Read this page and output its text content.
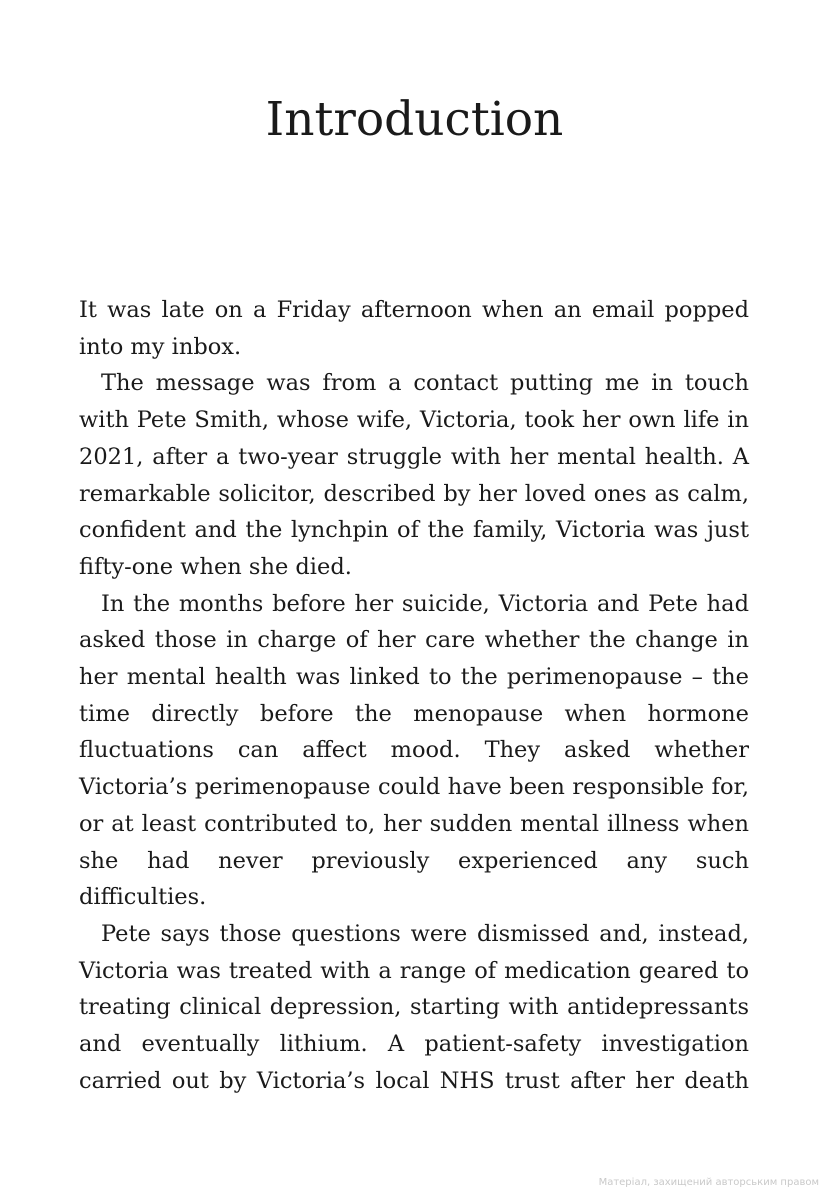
Introduction

It was late on a Friday afternoon when an email popped into my inbox.

The message was from a contact putting me in touch with Pete Smith, whose wife, Victoria, took her own life in 2021, after a two-year struggle with her mental health. A remarkable solicitor, described by her loved ones as calm, confident and the lynchpin of the family, Victoria was just fifty-one when she died.

In the months before her suicide, Victoria and Pete had asked those in charge of her care whether the change in her mental health was linked to the perimenopause – the time directly before the menopause when hormone fluctuations can affect mood. They asked whether Victoria’s perimenopause could have been responsible for, or at least contributed to, her sudden mental illness when she had never previously experienced any such difficulties.

Pete says those questions were dismissed and, instead, Victoria was treated with a range of medication geared to treating clinical depression, starting with antidepressants and eventually lithium. A patient-safety investigation carried out by Victoria’s local NHS trust after her death

Матеріал, захищений авторським правом
